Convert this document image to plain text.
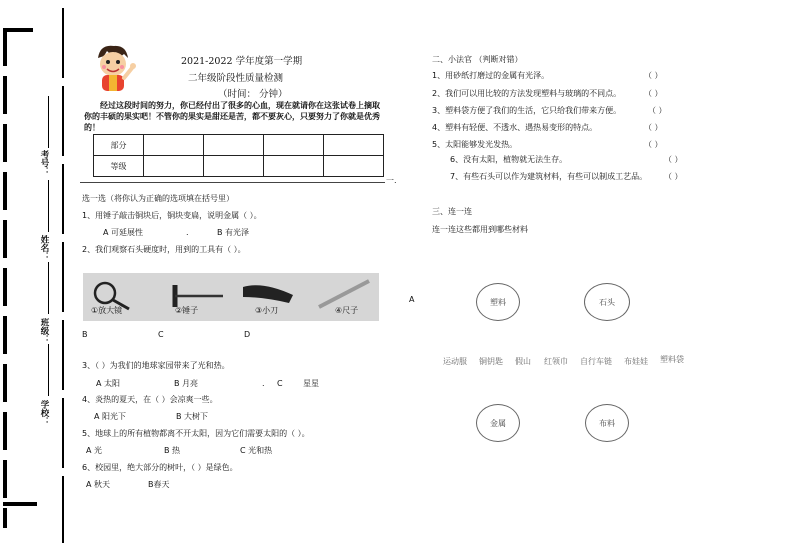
考号：
姓名：
班级：
学校：
2021-2022 学年度第一学期
二年级阶段性质量检测
（时间： 分钟）
经过这段时间的努力，你已经付出了很多的心血，现在就请你在这张试卷上摘取
你的丰硕的果实吧！不管你的果实是甜还是苦，都不要灰心，只要努力了你就是优秀
的！
部分				
等级				
一.
选一选（将你认为正确的选项填在括号里）
1、用锤子敲击铜块后，铜块变扁，说明金属（ ）。
A 可延展性	.	B 有光泽
2、我们观察石头硬度时，用到的工具有（ ）。
①放大镜	②锤子	③小刀	④尺子
B	C	D
3、（ ）为我们的地球家园带来了光和热。
A 太阳	B 月亮	. C	星星
4、炎热的夏天，在（ ）会凉爽一些。
A 阳光下	B 大树下
5、地球上的所有植物都离不开太阳，因为它们需要太阳的（ ）。
A 光	B 热	C 光和热
6、校园里，绝大部分的树叶，（ ）是绿色。
A 秋天	B春天
二、小法官 （判断对错）
1、用砂纸打磨过的金属有光泽。	（ ）
2、我们可以用比较的方法发现塑料与玻璃的不同点。	（ ）
3、塑料袋方便了我们的生活，它只给我们带来方便。	（ ）
4、塑料有轻便、不透水、遇热易变形的特点。	（ ）
5、太阳能够发光发热。	（ ）
6、没有太阳，植物就无法生存。	（ ）
7、有些石头可以作为建筑材料，有些可以制成工艺品。 （ ）
三、连一连
连一连这些都用到哪些材料
A	塑料	石头
运动服 铜钥匙 假山 红领巾 自行车链 布娃娃 塑料袋
金属	布料
